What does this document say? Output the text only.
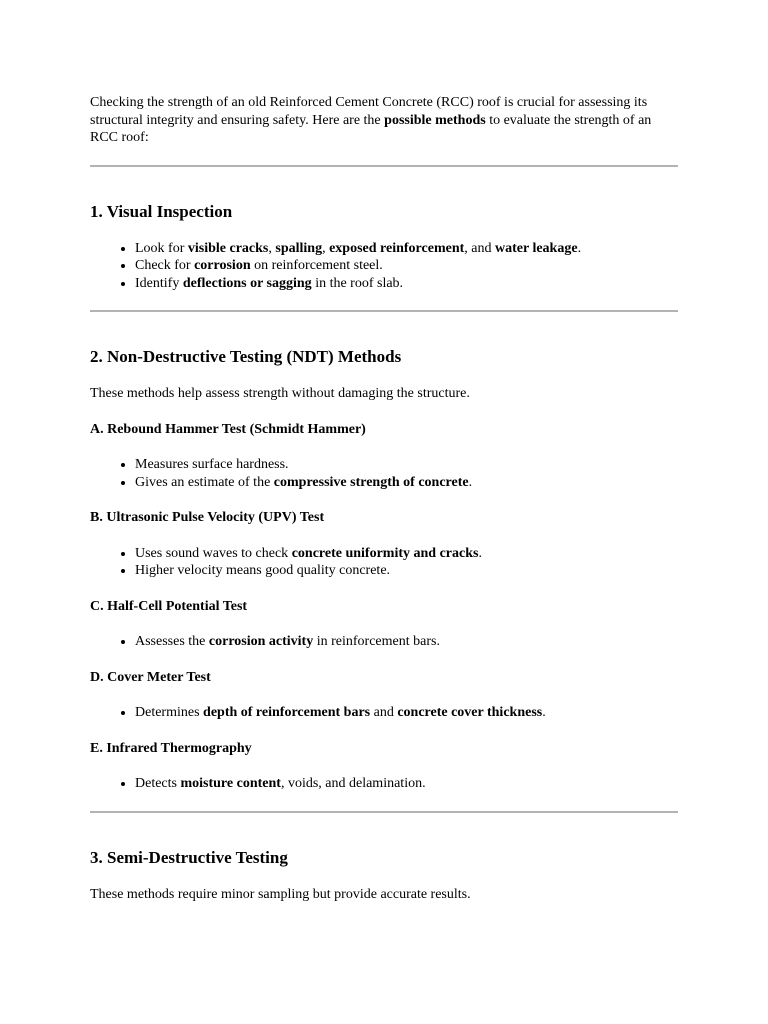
Checking the strength of an old Reinforced Cement Concrete (RCC) roof is crucial for assessing its structural integrity and ensuring safety. Here are the possible methods to evaluate the strength of an RCC roof:

1. Visual Inspection
• Look for visible cracks, spalling, exposed reinforcement, and water leakage.
• Check for corrosion on reinforcement steel.
• Identify deflections or sagging in the roof slab.
2. Non-Destructive Testing (NDT) Methods

These methods help assess strength without damaging the structure.

A. Rebound Hammer Test (Schmidt Hammer)
• Measures surface hardness.
• Gives an estimate of the compressive strength of concrete.
B. Ultrasonic Pulse Velocity (UPV) Test
• Uses sound waves to check concrete uniformity and cracks.
• Higher velocity means good quality concrete.
C. Half-Cell Potential Test
• Assesses the corrosion activity in reinforcement bars.
D. Cover Meter Test
• Determines depth of reinforcement bars and concrete cover thickness.
E. Infrared Thermography
• Detects moisture content, voids, and delamination.
3. Semi-Destructive Testing

These methods require minor sampling but provide accurate results.
